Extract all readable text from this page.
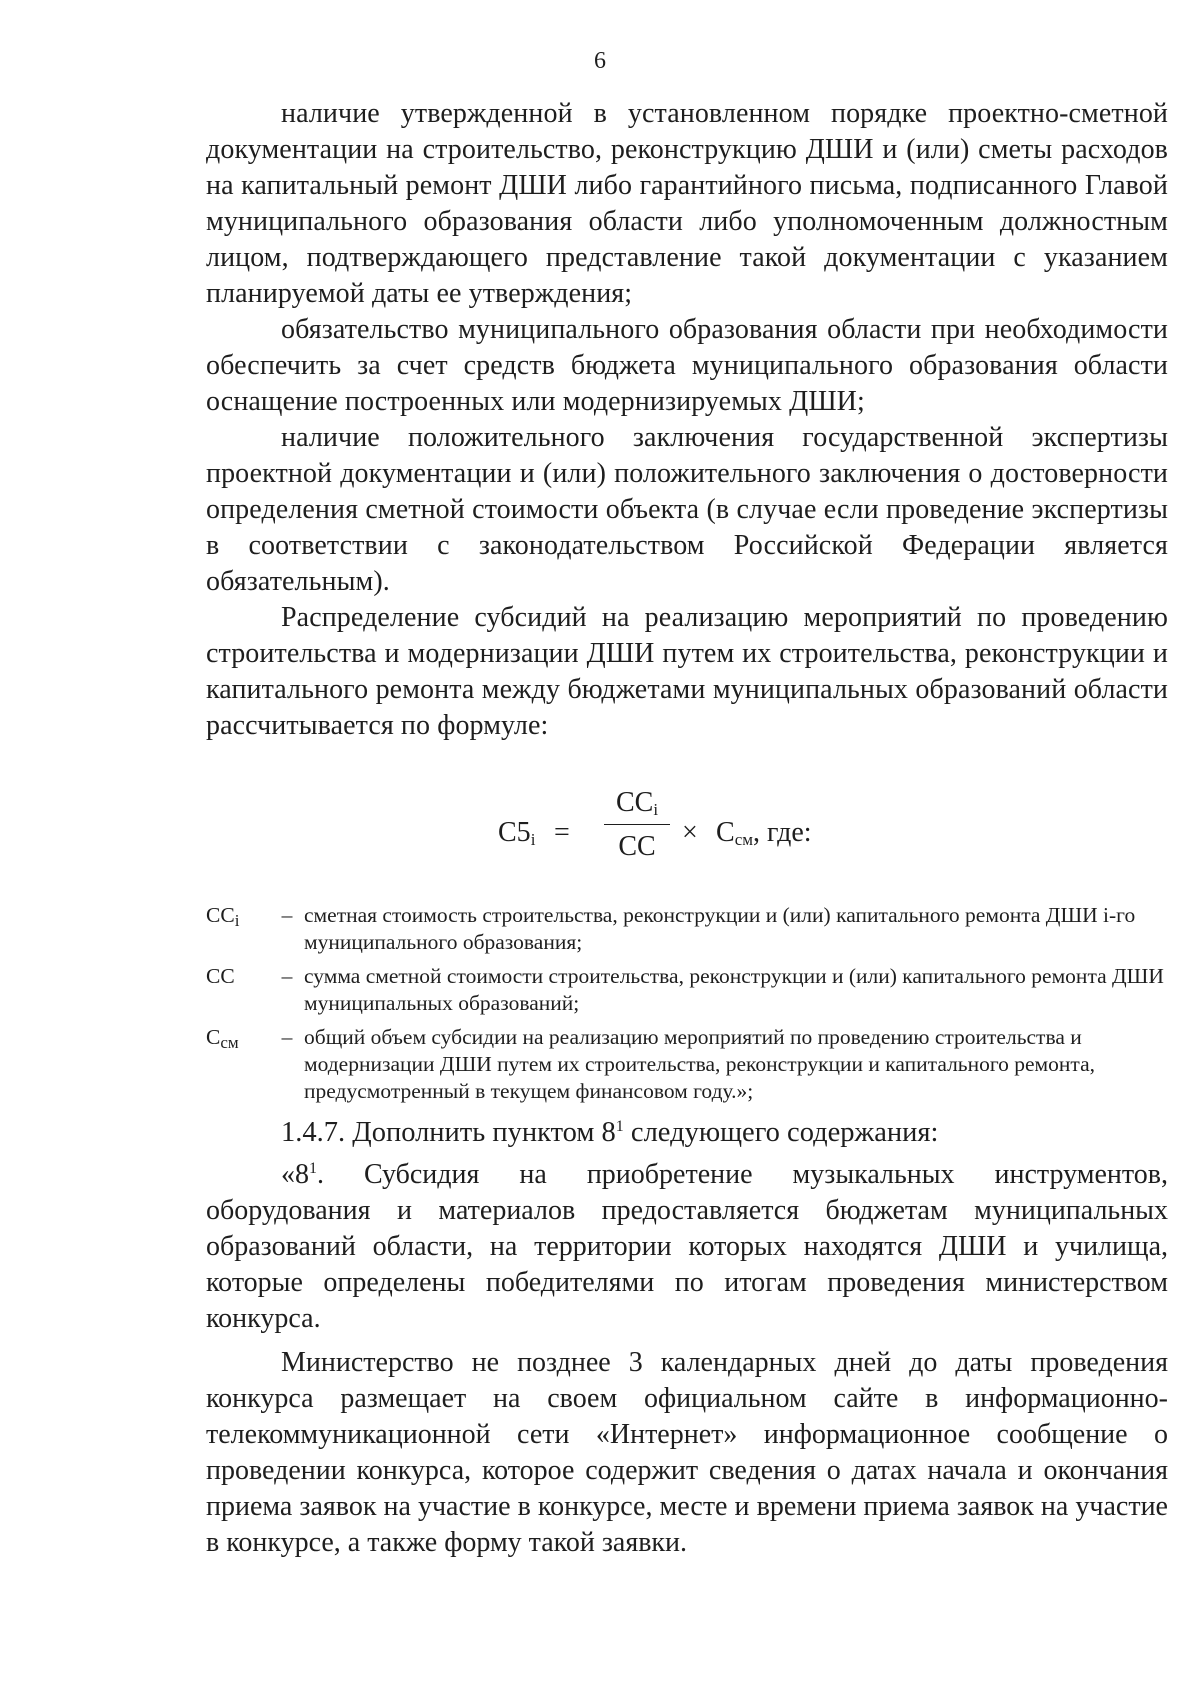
6

наличие утвержденной в установленном порядке проектно-сметной документации на строительство, реконструкцию ДШИ и (или) сметы расходов на капитальный ремонт ДШИ либо гарантийного письма, подписанного Главой муниципального образования области либо уполномоченным должностным лицом, подтверждающего представление такой документации с указанием планируемой даты ее утверждения;

обязательство муниципального образования области при необходимости обеспечить за счет средств бюджета муниципального образования области оснащение построенных или модернизируемых ДШИ;

наличие положительного заключения государственной экспертизы проектной документации и (или) положительного заключения о достоверности определения сметной стоимости объекта (в случае если проведение экспертизы в соответствии с законодательством Российской Федерации является обязательным).

Распределение субсидий на реализацию мероприятий по проведению строительства и модернизации ДШИ путем их строительства, реконструкции и капитального ремонта между бюджетами муниципальных образований области рассчитывается по формуле:

$С5_i$ =
$СС_i$
СС × $С_{см}$, где:
$СС_i$	– сметная стоимость строительства, реконструкции и (или) капитального ремонта ДШИ i-го муниципального образования;
СС	– сумма сметной стоимости строительства, реконструкции и (или) капитального ремонта ДШИ муниципальных образований;
$С_{см}$	– общий объем субсидии на реализацию мероприятий по проведению строительства и модернизации ДШИ путем их строительства, реконструкции и капитального ремонта, предусмотренный в текущем финансовом году.»;

1.4.7. Дополнить пунктом $8^1$ следующего содержания:

«$8^1$. Субсидия на приобретение музыкальных инструментов, оборудования и материалов предоставляется бюджетам муниципальных образований области, на территории которых находятся ДШИ и училища, которые определены победителями по итогам проведения министерством конкурса.

Министерство не позднее 3 календарных дней до даты проведения конкурса размещает на своем официальном сайте в информационно-телекоммуникационной сети «Интернет» информационное сообщение о проведении конкурса, которое содержит сведения о датах начала и окончания приема заявок на участие в конкурсе, месте и времени приема заявок на участие в конкурсе, а также форму такой заявки.
